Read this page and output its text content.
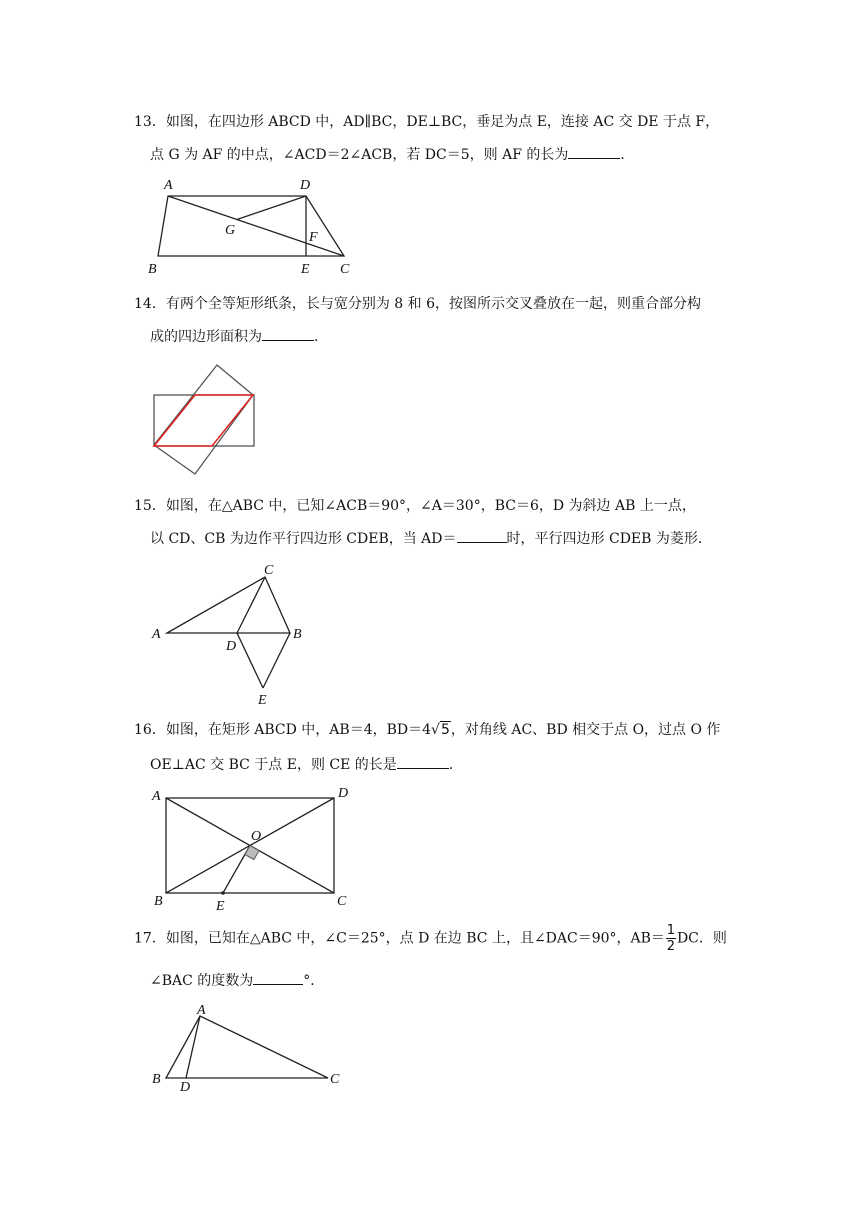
13．如图，在四边形 ABCD 中，AD∥BC，DE⊥BC，垂足为点 E，连接 AC 交 DE 于点 F，
点 G 为 AF 的中点，∠ACD＝2∠ACB，若 DC＝5，则 AF 的长为	．
A	D
G	F
B	E C
14．有两个全等矩形纸条，长与宽分别为 8 和 6，按图所示交叉叠放在一起，则重合部分构
成的四边形面积为	．
15．如图，在△ABC 中，已知∠ACB＝90°，∠A＝30°，BC＝6，D 为斜边 AB 上一点，
以 CD、CB 为边作平行四边形 CDEB，当 AD＝	时，平行四边形 CDEB 为菱形．
C
A	B
D
E
16．如图，在矩形 ABCD 中，AB＝4，BD＝4√5，对角线 AC、BD 相交于点 O，过点 O 作
OE⊥AC 交 BC 于点 E，则 CE 的长是	．
A	D
O
B	E	C
17．如图，已知在△ABC 中，∠C＝25°，点 D 在边 BC 上，且∠DAC＝90°，$AB= \frac{1}{2}$ DC．则
∠BAC 的度数为	°．
A
B
D
C
